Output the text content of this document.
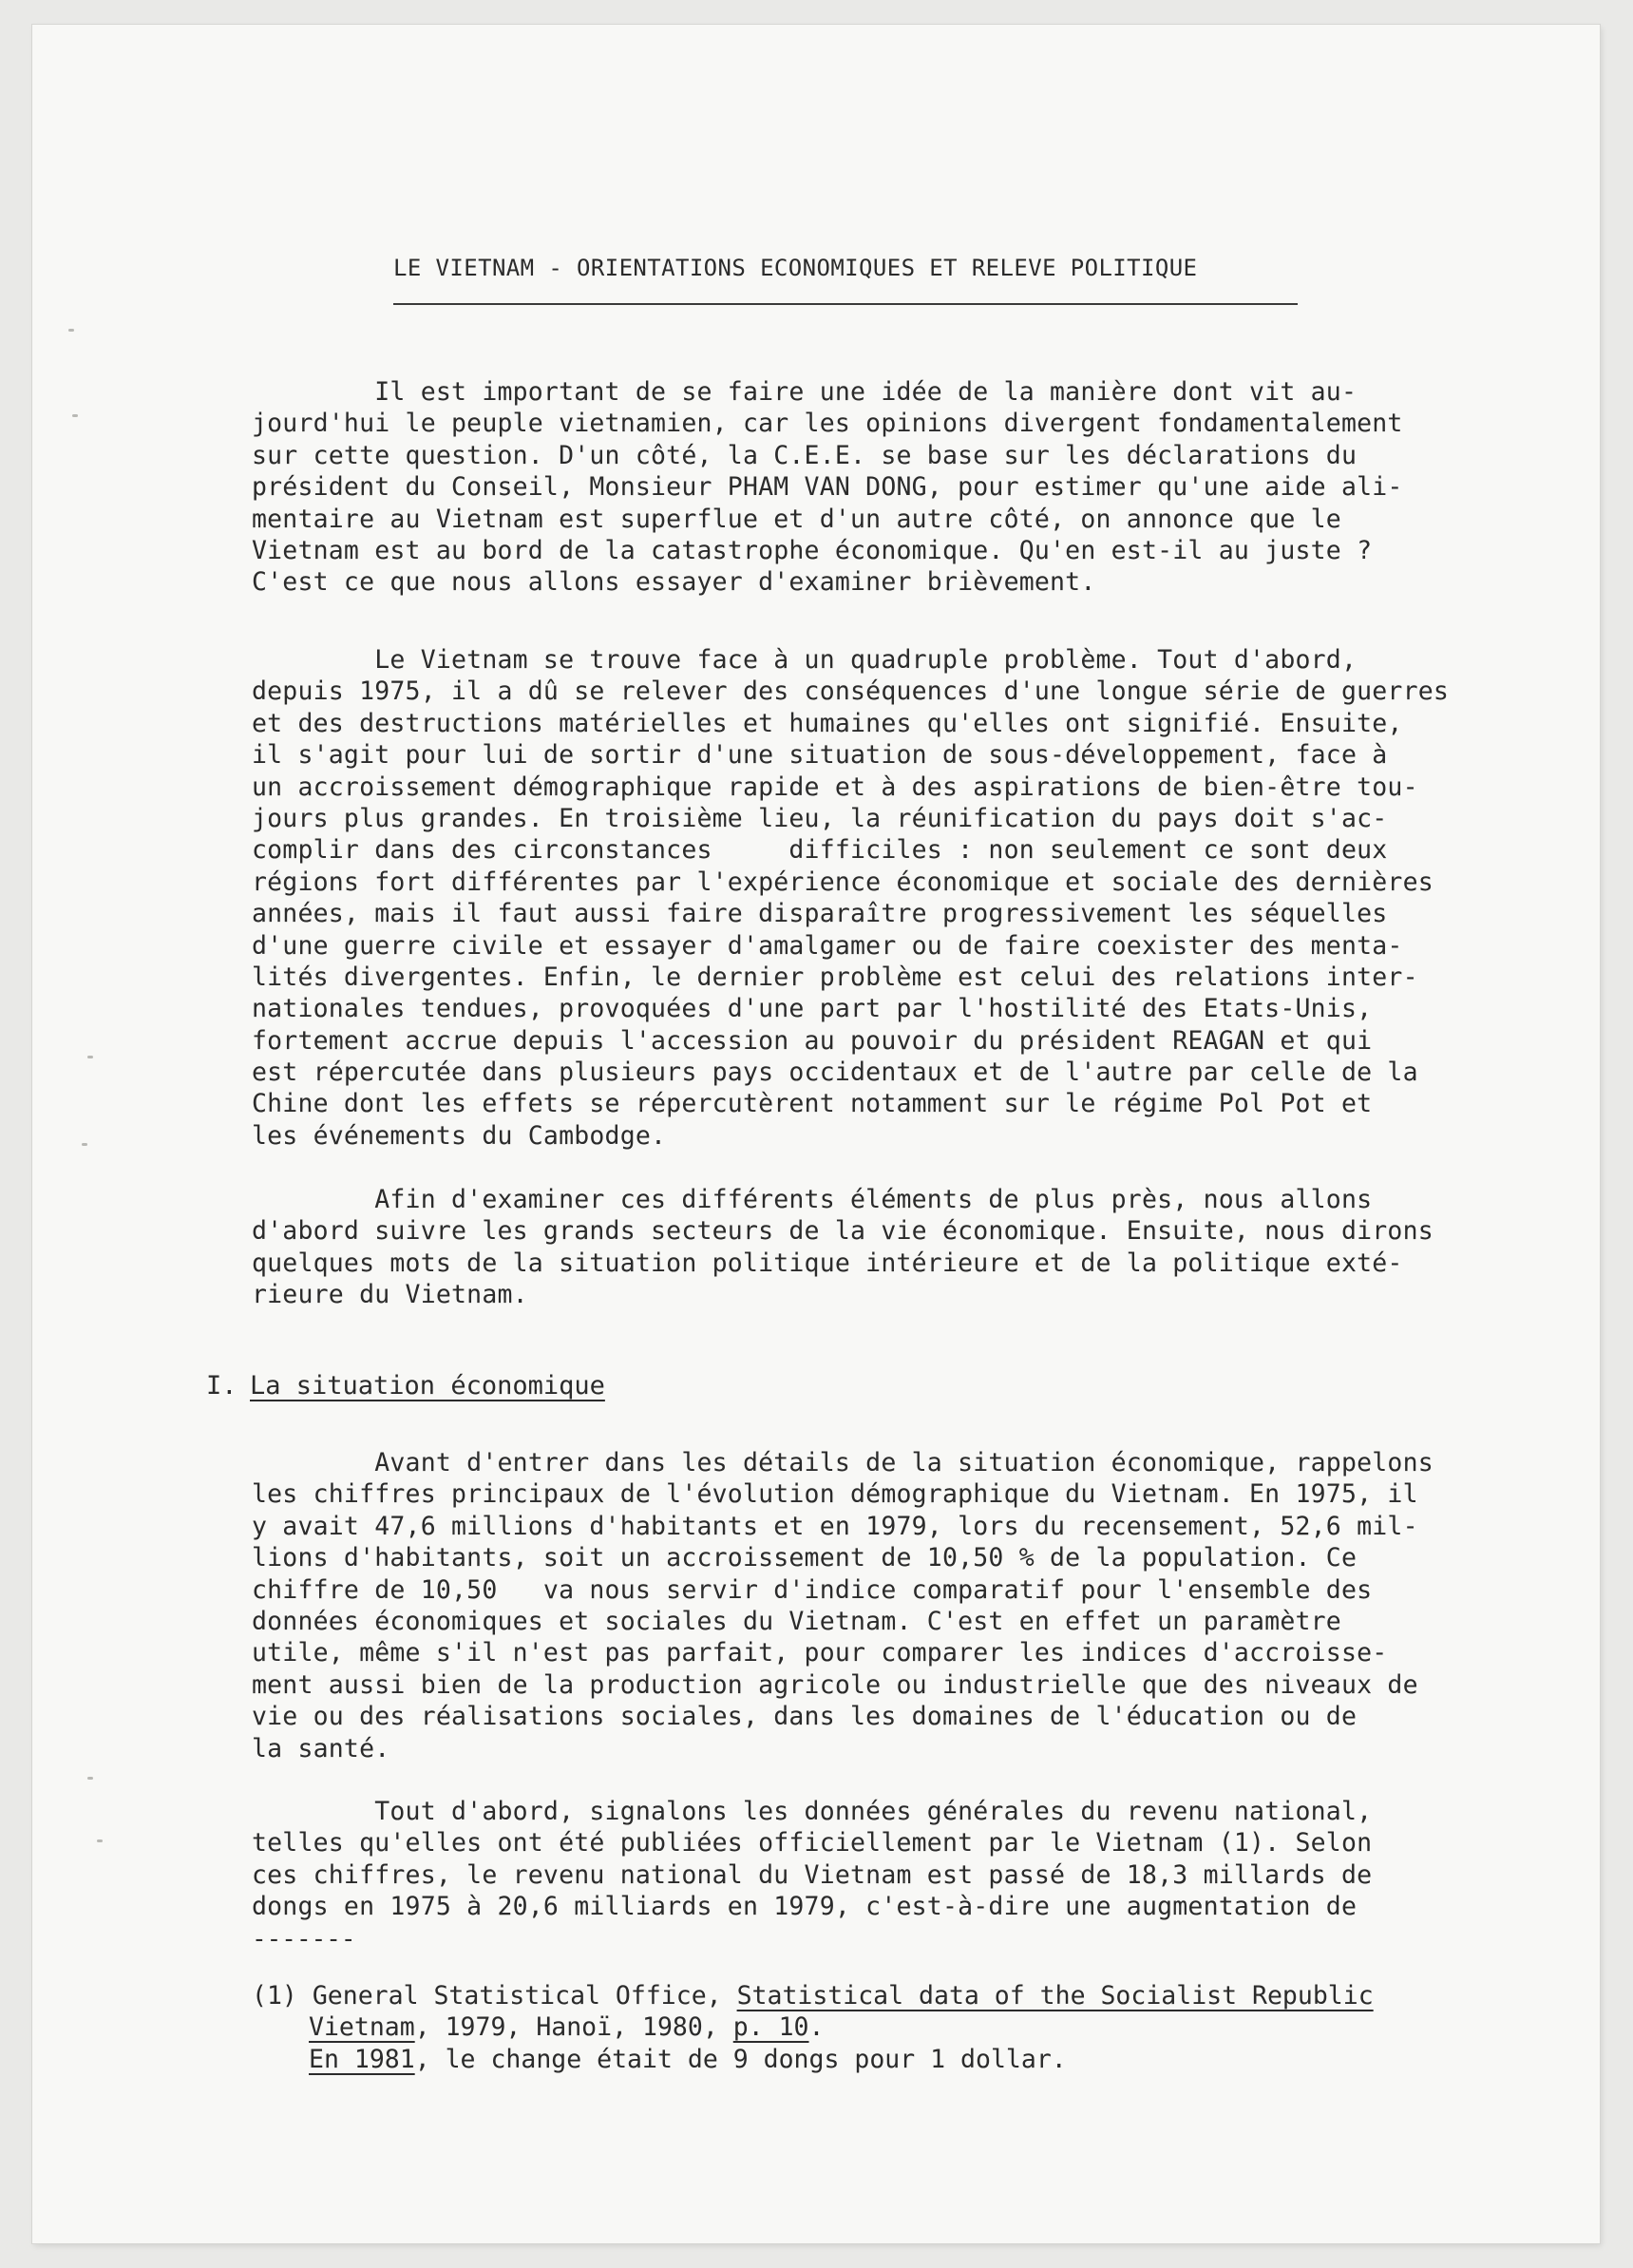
LE VIETNAM - ORIENTATIONS ECONOMIQUES ET RELEVE POLITIQUE
Il est important de se faire une idée de la manière dont vit au-
jourd'hui le peuple vietnamien, car les opinions divergent fondamentalement
sur cette question. D'un côté, la C.E.E. se base sur les déclarations du
président du Conseil, Monsieur PHAM VAN DONG, pour estimer qu'une aide ali-
mentaire au Vietnam est superflue et d'un autre côté, on annonce que le
Vietnam est au bord de la catastrophe économique. Qu'en est-il au juste ?
C'est ce que nous allons essayer d'examiner brièvement.
Le Vietnam se trouve face à un quadruple problème. Tout d'abord,
depuis 1975, il a dû se relever des conséquences d'une longue série de guerres
et des destructions matérielles et humaines qu'elles ont signifié. Ensuite,
il s'agit pour lui de sortir d'une situation de sous-développement, face à
un accroissement démographique rapide et à des aspirations de bien-être tou-
jours plus grandes. En troisième lieu, la réunification du pays doit s'ac-
complir dans des circonstances     difficiles : non seulement ce sont deux
régions fort différentes par l'expérience économique et sociale des dernières
années, mais il faut aussi faire disparaître progressivement les séquelles
d'une guerre civile et essayer d'amalgamer ou de faire coexister des menta-
lités divergentes. Enfin, le dernier problème est celui des relations inter-
nationales tendues, provoquées d'une part par l'hostilité des Etats-Unis,
fortement accrue depuis l'accession au pouvoir du président REAGAN et qui
est répercutée dans plusieurs pays occidentaux et de l'autre par celle de la
Chine dont les effets se répercutèrent notamment sur le régime Pol Pot et
les événements du Cambodge.
Afin d'examiner ces différents éléments de plus près, nous allons
d'abord suivre les grands secteurs de la vie économique. Ensuite, nous dirons
quelques mots de la situation politique intérieure et de la politique exté-
rieure du Vietnam.
I. La situation économique
Avant d'entrer dans les détails de la situation économique, rappelons
les chiffres principaux de l'évolution démographique du Vietnam. En 1975, il
y avait 47,6 millions d'habitants et en 1979, lors du recensement, 52,6 mil-
lions d'habitants, soit un accroissement de 10,50 % de la population. Ce
chiffre de 10,50   va nous servir d'indice comparatif pour l'ensemble des
données économiques et sociales du Vietnam. C'est en effet un paramètre
utile, même s'il n'est pas parfait, pour comparer les indices d'accroisse-
ment aussi bien de la production agricole ou industrielle que des niveaux de
vie ou des réalisations sociales, dans les domaines de l'éducation ou de
la santé.
Tout d'abord, signalons les données générales du revenu national,
telles qu'elles ont été publiées officiellement par le Vietnam (1). Selon
ces chiffres, le revenu national du Vietnam est passé de 18,3 millards de
dongs en 1975 à 20,6 milliards en 1979, c'est-à-dire une augmentation de
-------
(1) General Statistical Office, Statistical data of the Socialist Republic
Vietnam, 1979, Hanoï, 1980, p. 10.
En 1981, le change était de 9 dongs pour 1 dollar.
